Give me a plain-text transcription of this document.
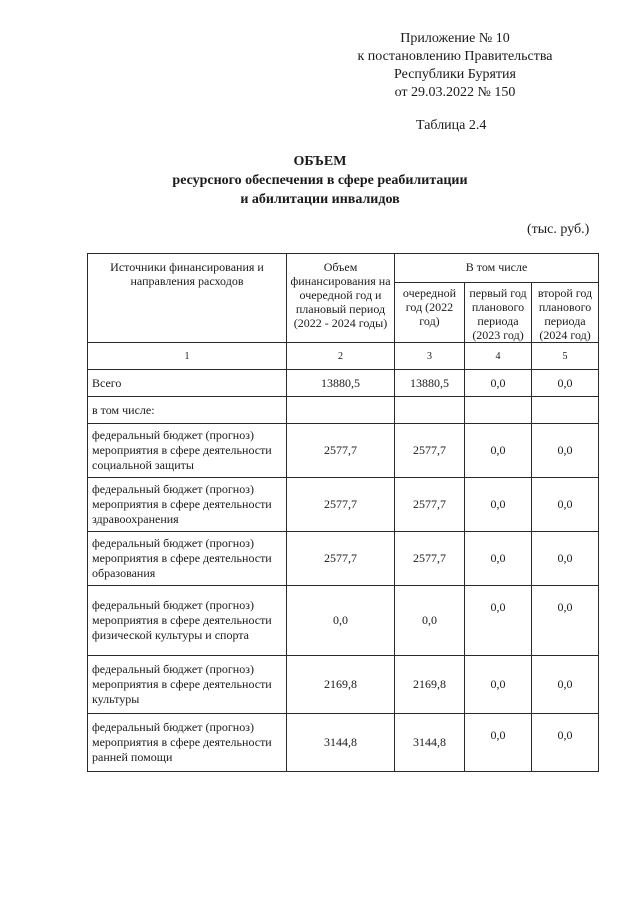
Приложение № 10
к постановлению Правительства
Республики Бурятия
от 29.03.2022 № 150
Таблица 2.4
ОБЪЕМ
ресурсного обеспечения в сфере реабилитации
и абилитации инвалидов
(тыс. руб.)
Источники финансирования и направления расходов	Объем финансирования на очередной год и плановый период (2022 - 2024 годы)	В том числе		
		очередной год (2022 год)	первый год планового периода (2023 год)	второй год планового периода (2024 год)
1	2	3	4	5
Всего	13880,5	13880,5	0,0	0,0
в том числе:				
федеральный бюджет (прогноз) мероприятия в сфере деятельности социальной защиты	2577,7	2577,7	0,0	0,0
федеральный бюджет (прогноз) мероприятия в сфере деятельности здравоохранения	2577,7	2577,7	0,0	0,0
федеральный бюджет (прогноз) мероприятия в сфере деятельности образования	2577,7	2577,7	0,0	0,0
федеральный бюджет (прогноз) мероприятия в сфере деятельности физической культуры и спорта	0,0	0,0	0,0	0,0
федеральный бюджет (прогноз) мероприятия в сфере деятельности культуры	2169,8	2169,8	0,0	0,0
федеральный бюджет (прогноз) мероприятия в сфере деятельности ранней помощи	3144,8	3144,8	0,0	0,0
